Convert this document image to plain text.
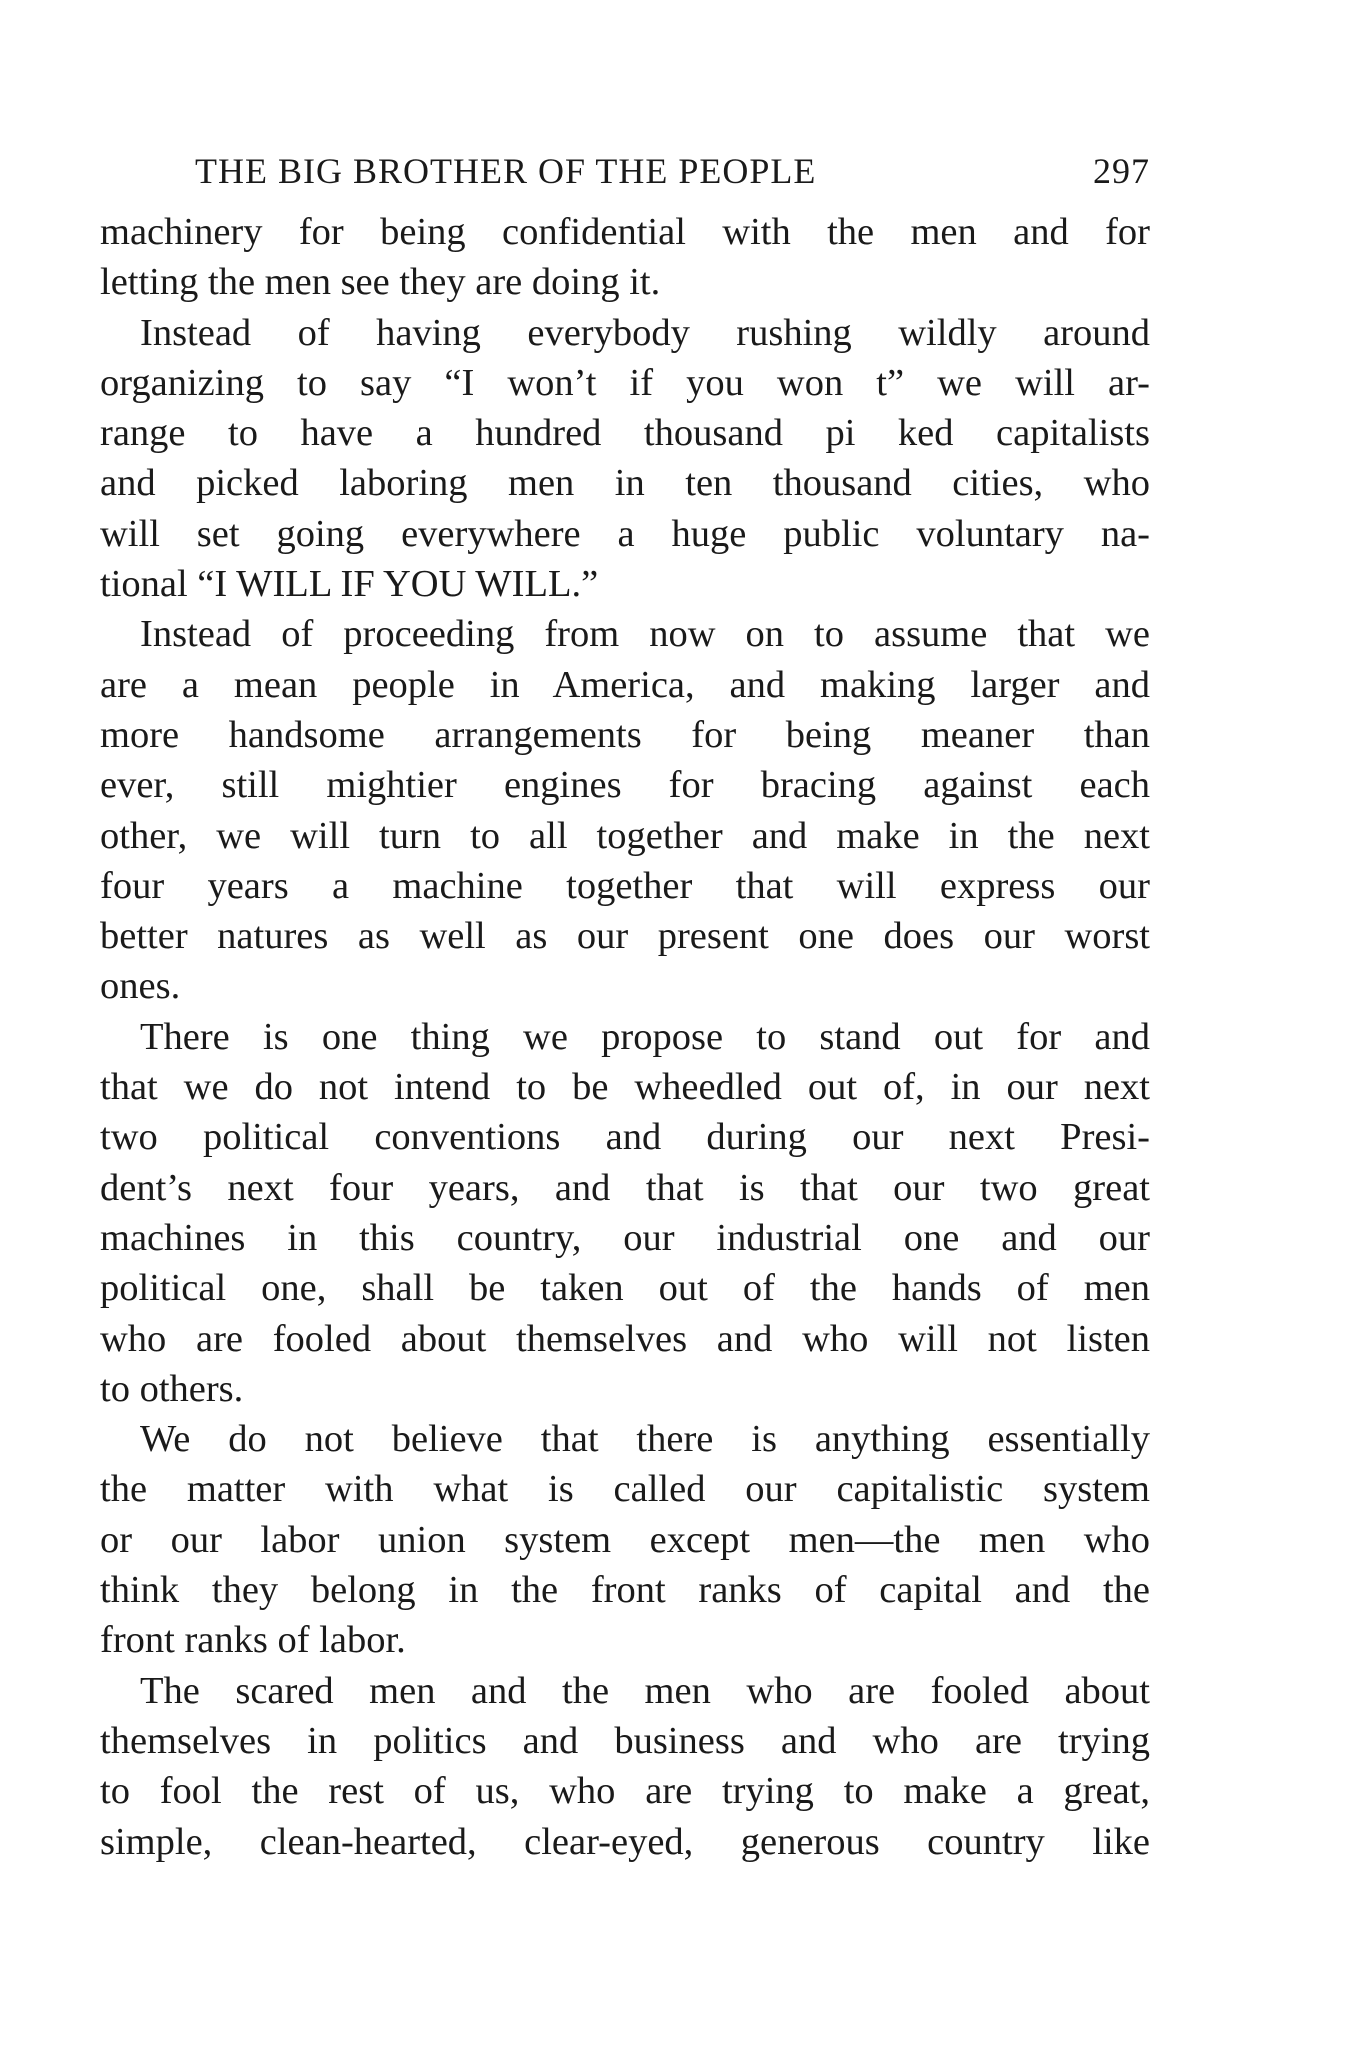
THE BIG BROTHER OF THE PEOPLE	297
machinery for being confidential with the men and for
letting the men see they are doing it.
Instead of having everybody rushing wildly around
organizing to say “I won’t if you won t” we will ar-
range to have a hundred thousand pi ked capitalists
and picked laboring men in ten thousand cities, who
will set going everywhere a huge public voluntary na-
tional “I WILL IF YOU WILL.”
Instead of proceeding from now on to assume that we
are a mean people in America, and making larger and
more handsome arrangements for being meaner than
ever, still mightier engines for bracing against each
other, we will turn to all together and make in the next
four years a machine together that will express our
better natures as well as our present one does our worst
ones.
There is one thing we propose to stand out for and
that we do not intend to be wheedled out of, in our next
two political conventions and during our next Presi-
dent’s next four years, and that is that our two great
machines in this country, our industrial one and our
political one, shall be taken out of the hands of men
who are fooled about themselves and who will not listen
to others.
We do not believe that there is anything essentially
the matter with what is called our capitalistic system
or our labor union system except men—the men who
think they belong in the front ranks of capital and the
front ranks of labor.
The scared men and the men who are fooled about
themselves in politics and business and who are trying
to fool the rest of us, who are trying to make a great,
simple, clean-hearted, clear-eyed, generous country like
